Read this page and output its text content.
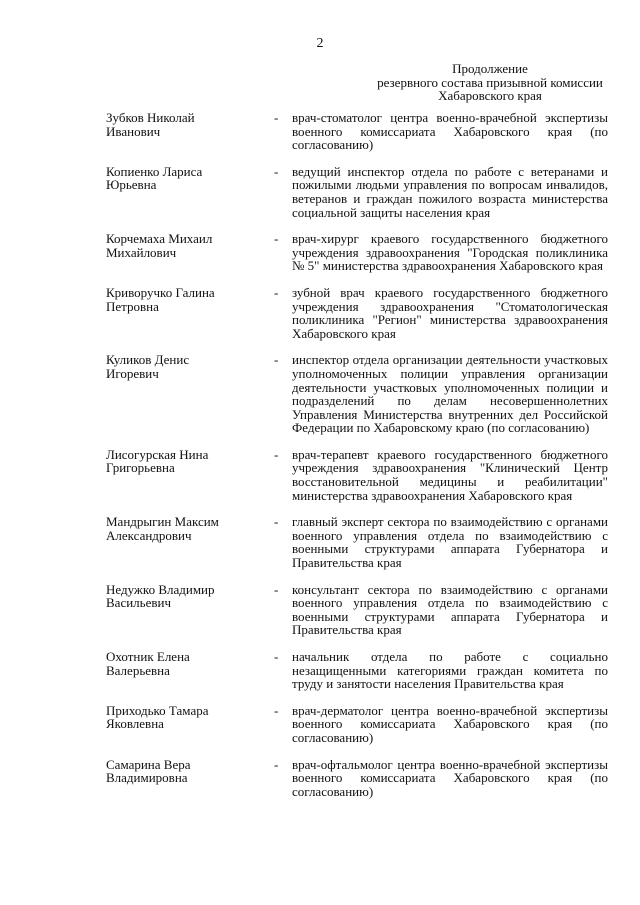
2
Продолжение
резервного состава призывной комиссии
Хабаровского края
Зубков Николай
Иванович
-	врач-стоматолог центра военно-врачебной экспертизы военного комиссариата Хабаровского края (по согласованию)
Копиенко Лариса
Юрьевна
-	ведущий инспектор отдела по работе с ветеранами и пожилыми людьми управления по вопросам инвалидов, ветеранов и граждан пожилого возраста министерства социальной защиты населения края
Корчемаха Михаил
Михайлович
-	врач-хирург краевого государственного бюджетного учреждения здравоохранения "Городская поликлиника № 5" министерства здравоохранения Хабаровского края
Криворучко Галина
Петровна
-	зубной врач краевого государственного бюджетного учреждения здравоохранения "Стоматологическая поликлиника "Регион" министерства здравоохранения Хабаровского края
Куликов Денис
Игоревич
-	инспектор отдела организации деятельности участковых уполномоченных полиции управления организации деятельности участковых уполномоченных полиции и подразделений по делам несовершеннолетних Управления Министерства внутренних дел Российской Федерации по Хабаровскому краю (по согласованию)
Лисогурская Нина
Григорьевна
-	врач-терапевт краевого государственного бюджетного учреждения здравоохранения "Клинический Центр восстановительной медицины и реабилитации" министерства здравоохранения Хабаровского края
Мандрыгин Максим
Александрович
-	главный эксперт сектора по взаимодействию с органами военного управления отдела по взаимодействию с военными структурами аппарата Губернатора и Правительства края
Недужко Владимир
Васильевич
-	консультант сектора по взаимодействию с органами военного управления отдела по взаимодействию с военными структурами аппарата Губернатора и Правительства края
Охотник Елена
Валерьевна
-	начальник отдела по работе с социально незащищенными категориями граждан комитета по труду и занятости населения Правительства края
Приходько Тамара
Яковлевна
-	врач-дерматолог центра военно-врачебной экспертизы военного комиссариата Хабаровского края (по согласованию)
Самарина Вера
Владимировна
-	врач-офтальмолог центра военно-врачебной экспертизы военного комиссариата Хабаровского края (по согласованию)
